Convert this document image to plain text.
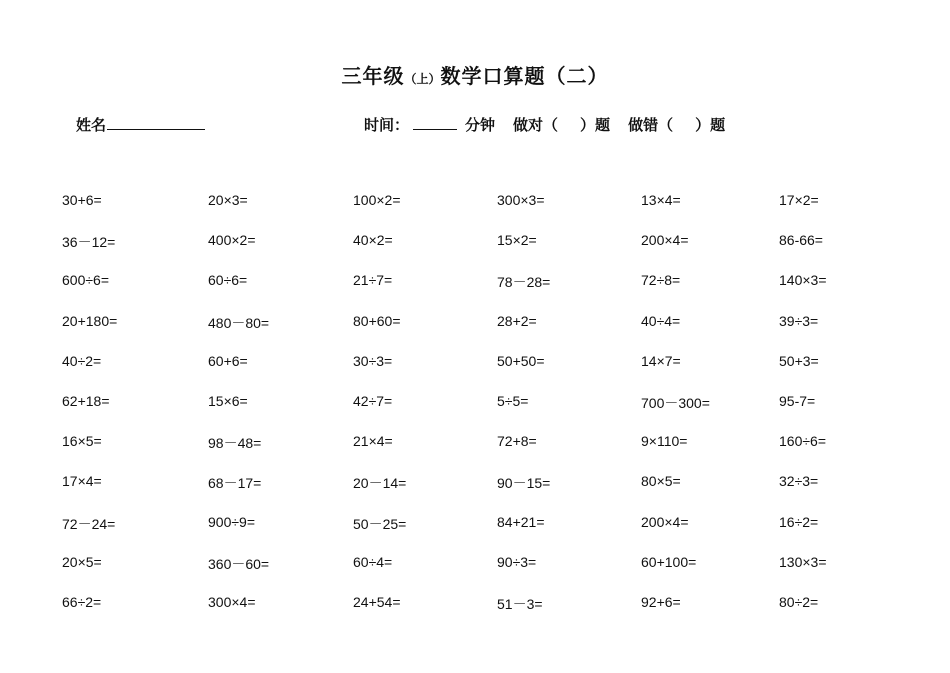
三年级（上）数学口算题（二）
姓名	时间：	分钟 做对（ ）题 做错（ ）题
30+6=	20×3=	100×2=	300×3=	13×4=	17×2=
36－12=	400×2=	40×2=	15×2=	200×4=	86-66=
600÷6=	60÷6=	21÷7=	78－28=	72÷8=	140×3=
20+180=	480－80=	80+60=	28+2=	40÷4=	39÷3=
40÷2=	60+6=	30÷3=	50+50=	14×7=	50+3=
62+18=	15×6=	42÷7=	5÷5=	700－300=	95-7=
16×5=	98－48=	21×4=	72+8=	9×110=	160÷6=
17×4=	68－17=	20－14=	90－15=	80×5=	32÷3=
72－24=	900÷9=	50－25=	84+21=	200×4=	16÷2=
20×5=	360－60=	60÷4=	90÷3=	60+100=	130×3=
66÷2=	300×4=	24+54=	51－3=	92+6=	80÷2=
